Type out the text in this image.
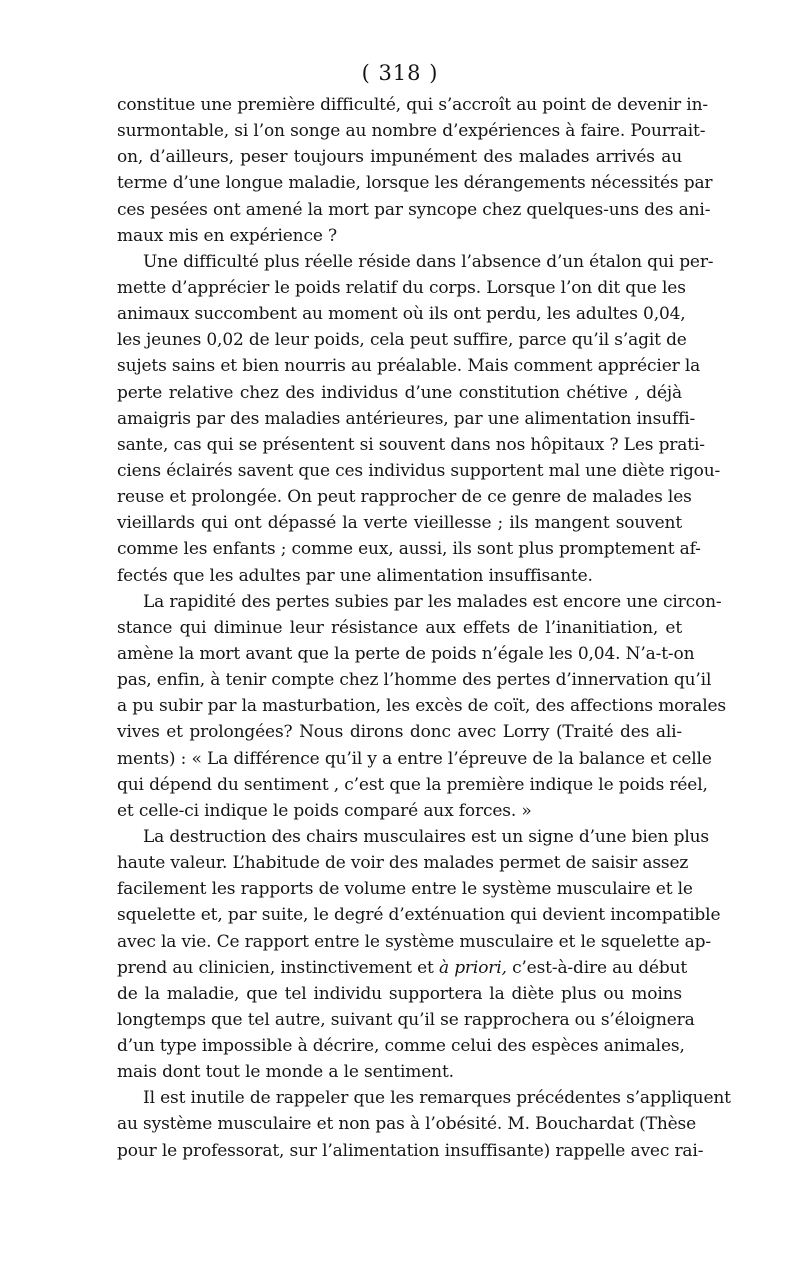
( 318 )
constitue une première difficulté, qui s’accroît au point de devenir in-
surmontable, si l’on songe au nombre d’expériences à faire. Pourrait-
on, d’ailleurs, peser toujours impunément des malades arrivés au
terme d’une longue maladie, lorsque les dérangements nécessités par
ces pesées ont amené la mort par syncope chez quelques-uns des ani-
maux mis en expérience ?
Une difficulté plus réelle réside dans l’absence d’un étalon qui per-
mette d’apprécier le poids relatif du corps. Lorsque l’on dit que les
animaux succombent au moment où ils ont perdu, les adultes 0,04,
les jeunes 0,02 de leur poids, cela peut suffire, parce qu’il s’agit de
sujets sains et bien nourris au préalable. Mais comment apprécier la
perte relative chez des individus d’une constitution chétive , déjà
amaigris par des maladies antérieures, par une alimentation insuffi-
sante, cas qui se présentent si souvent dans nos hôpitaux ? Les prati-
ciens éclairés savent que ces individus supportent mal une diète rigou-
reuse et prolongée. On peut rapprocher de ce genre de malades les
vieillards qui ont dépassé la verte vieillesse ; ils mangent souvent
comme les enfants ; comme eux, aussi, ils sont plus promptement af-
fectés que les adultes par une alimentation insuffisante.
La rapidité des pertes subies par les malades est encore une circon-
stance qui diminue leur résistance aux effets de l’inanitiation, et
amène la mort avant que la perte de poids n’égale les 0,04. N’a-t-on
pas, enfin, à tenir compte chez l’homme des pertes d’innervation qu’il
a pu subir par la masturbation, les excès de coït, des affections morales
vives et prolongées? Nous dirons donc avec Lorry (Traité des ali-
ments) : « La différence qu’il y a entre l’épreuve de la balance et celle
qui dépend du sentiment , c’est que la première indique le poids réel,
et celle-ci indique le poids comparé aux forces. »
La destruction des chairs musculaires est un signe d’une bien plus
haute valeur. L’habitude de voir des malades permet de saisir assez
facilement les rapports de volume entre le système musculaire et le
squelette et, par suite, le degré d’exténuation qui devient incompatible
avec la vie. Ce rapport entre le système musculaire et le squelette ap-
prend au clinicien, instinctivement et à priori, c’est-à-dire au début
de la maladie, que tel individu supportera la diète plus ou moins
longtemps que tel autre, suivant qu’il se rapprochera ou s’éloignera
d’un type impossible à décrire, comme celui des espèces animales,
mais dont tout le monde a le sentiment.
Il est inutile de rappeler que les remarques précédentes s’appliquent
au système musculaire et non pas à l’obésité. M. Bouchardat (Thèse
pour le professorat, sur l’alimentation insuffisante) rappelle avec rai-
